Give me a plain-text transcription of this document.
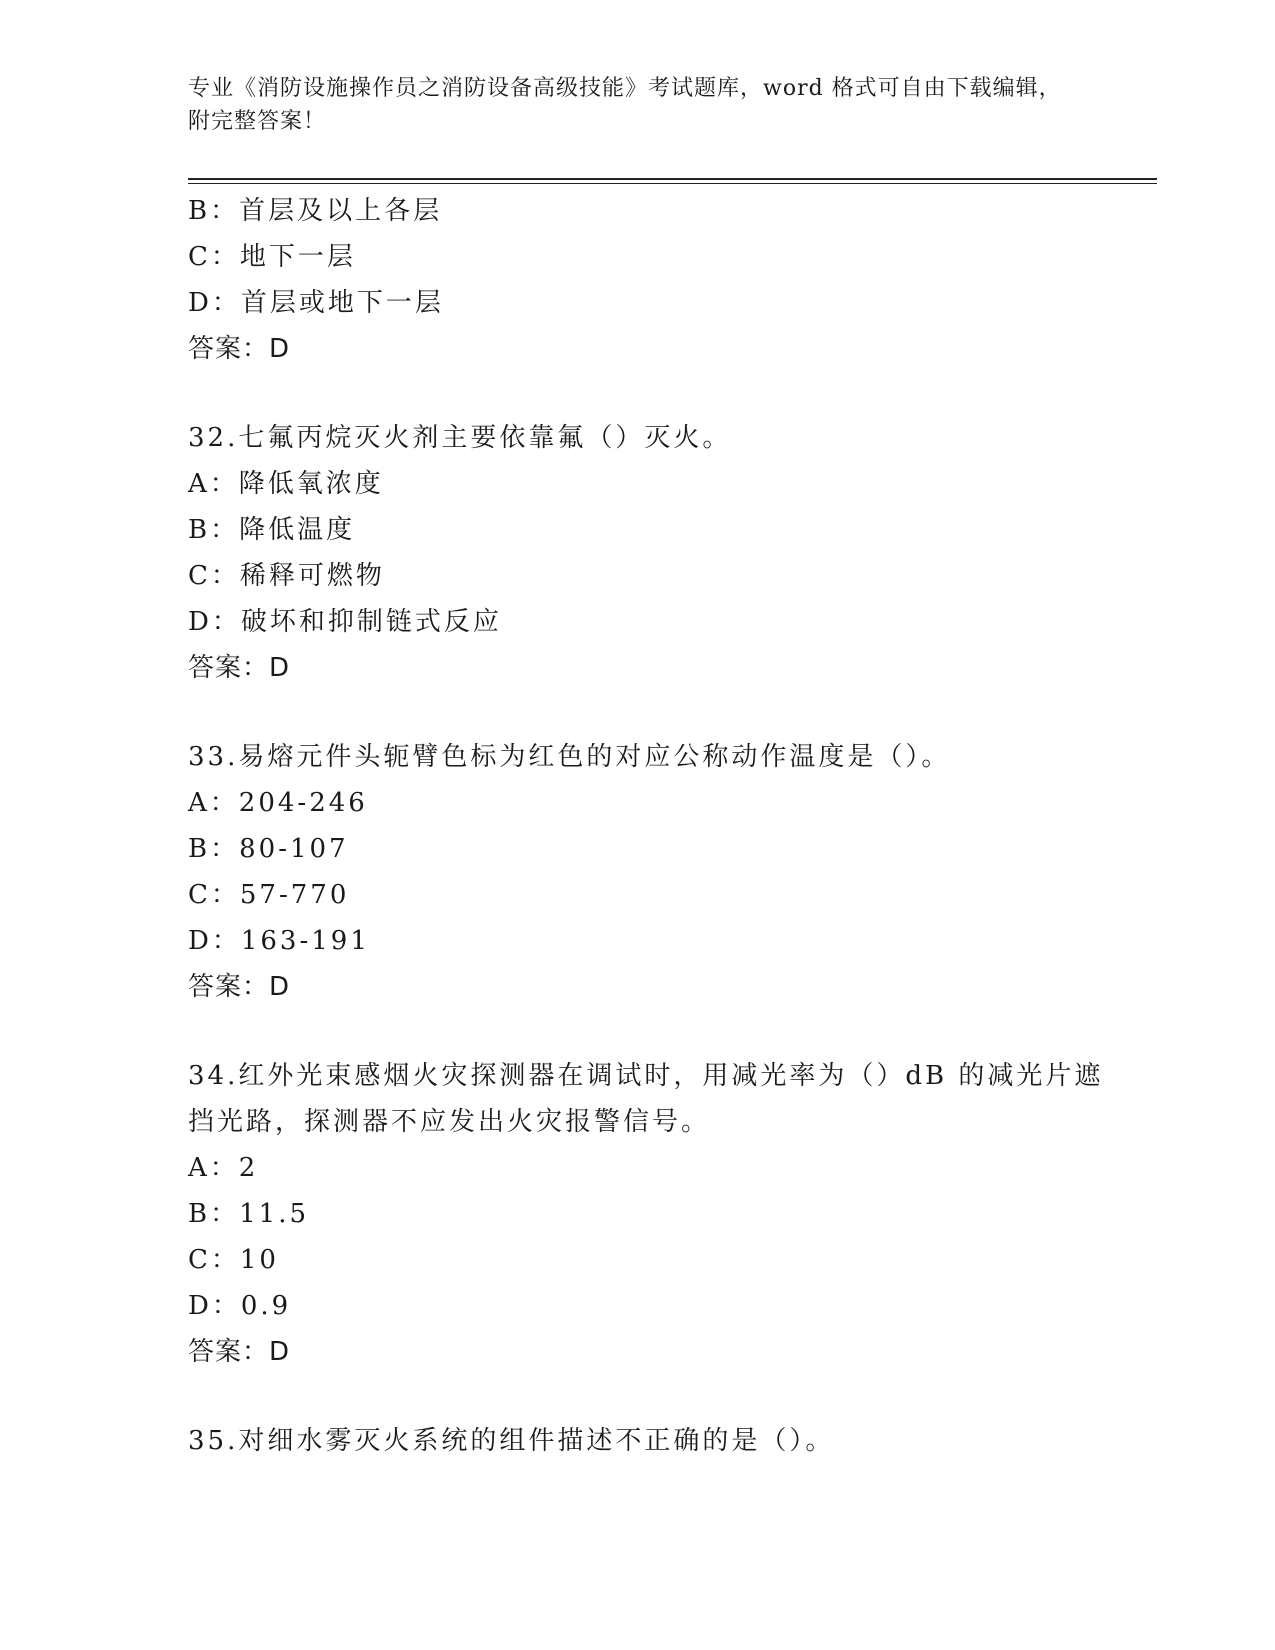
专业《消防设施操作员之消防设备高级技能》考试题库，word 格式可自由下载编辑，附完整答案！
B：首层及以上各层
C：地下一层
D：首层或地下一层
答案：D
32.七氟丙烷灭火剂主要依靠氟（）灭火。
A：降低氧浓度
B：降低温度
C：稀释可燃物
D：破坏和抑制链式反应
答案：D
33.易熔元件头轭臂色标为红色的对应公称动作温度是（）。
A：204-246
B：80-107
C：57-770
D：163-191
答案：D
34.红外光束感烟火灾探测器在调试时，用减光率为（）dB 的减光片遮挡光路，探测器不应发出火灾报警信号。
A：2
B：11.5
C：10
D：0.9
答案：D
35.对细水雾灭火系统的组件描述不正确的是（）。
